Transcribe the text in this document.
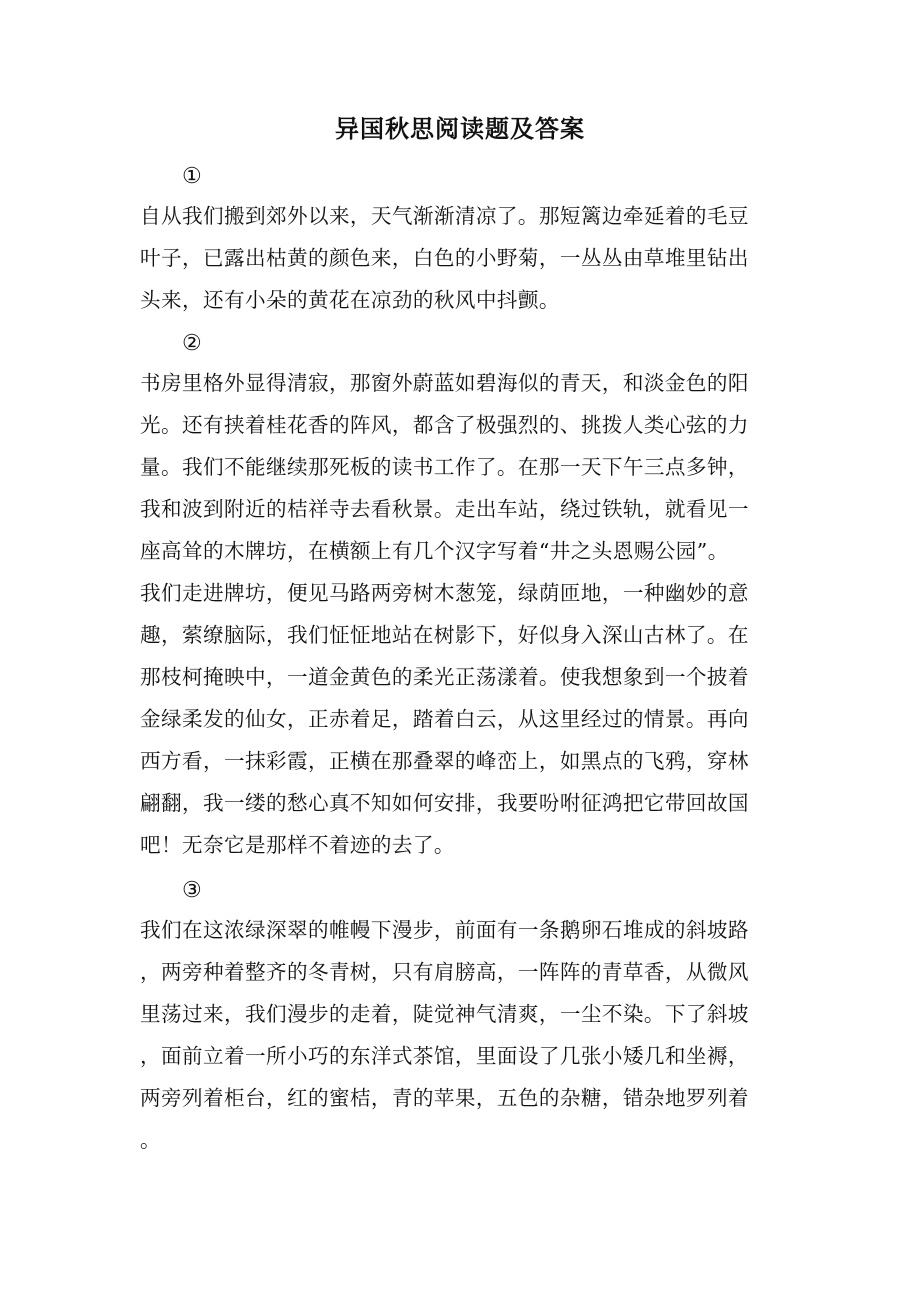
异国秋思阅读题及答案
①
自从我们搬到郊外以来，天气渐渐清凉了。那短篱边牵延着的毛豆
叶子，已露出枯黄的颜色来，白色的小野菊，一丛丛由草堆里钻出
头来，还有小朵的黄花在凉劲的秋风中抖颤。
②
书房里格外显得清寂，那窗外蔚蓝如碧海似的青天，和淡金色的阳
光。还有挟着桂花香的阵风，都含了极强烈的、挑拨人类心弦的力
量。我们不能继续那死板的读书工作了。在那一天下午三点多钟，
我和波到附近的桔祥寺去看秋景。走出车站，绕过铁轨，就看见一
座高耸的木牌坊，在横额上有几个汉字写着“井之头恩赐公园”。
我们走进牌坊，便见马路两旁树木葱笼，绿荫匝地，一种幽妙的意
趣，萦缭脑际，我们怔怔地站在树影下，好似身入深山古林了。在
那枝柯掩映中，一道金黄色的柔光正荡漾着。使我想象到一个披着
金绿柔发的仙女，正赤着足，踏着白云，从这里经过的情景。再向
西方看，一抹彩霞，正横在那叠翠的峰峦上，如黑点的飞鸦，穿林
翩翻，我一缕的愁心真不知如何安排，我要吩咐征鸿把它带回故国
吧！无奈它是那样不着迹的去了。
③
我们在这浓绿深翠的帷幔下漫步，前面有一条鹅卵石堆成的斜坡路
，两旁种着整齐的冬青树，只有肩膀高，一阵阵的青草香，从微风
里荡过来，我们漫步的走着，陡觉神气清爽，一尘不染。下了斜坡
，面前立着一所小巧的东洋式茶馆，里面设了几张小矮几和坐褥，
两旁列着柜台，红的蜜桔，青的苹果，五色的杂糖，错杂地罗列着
。
